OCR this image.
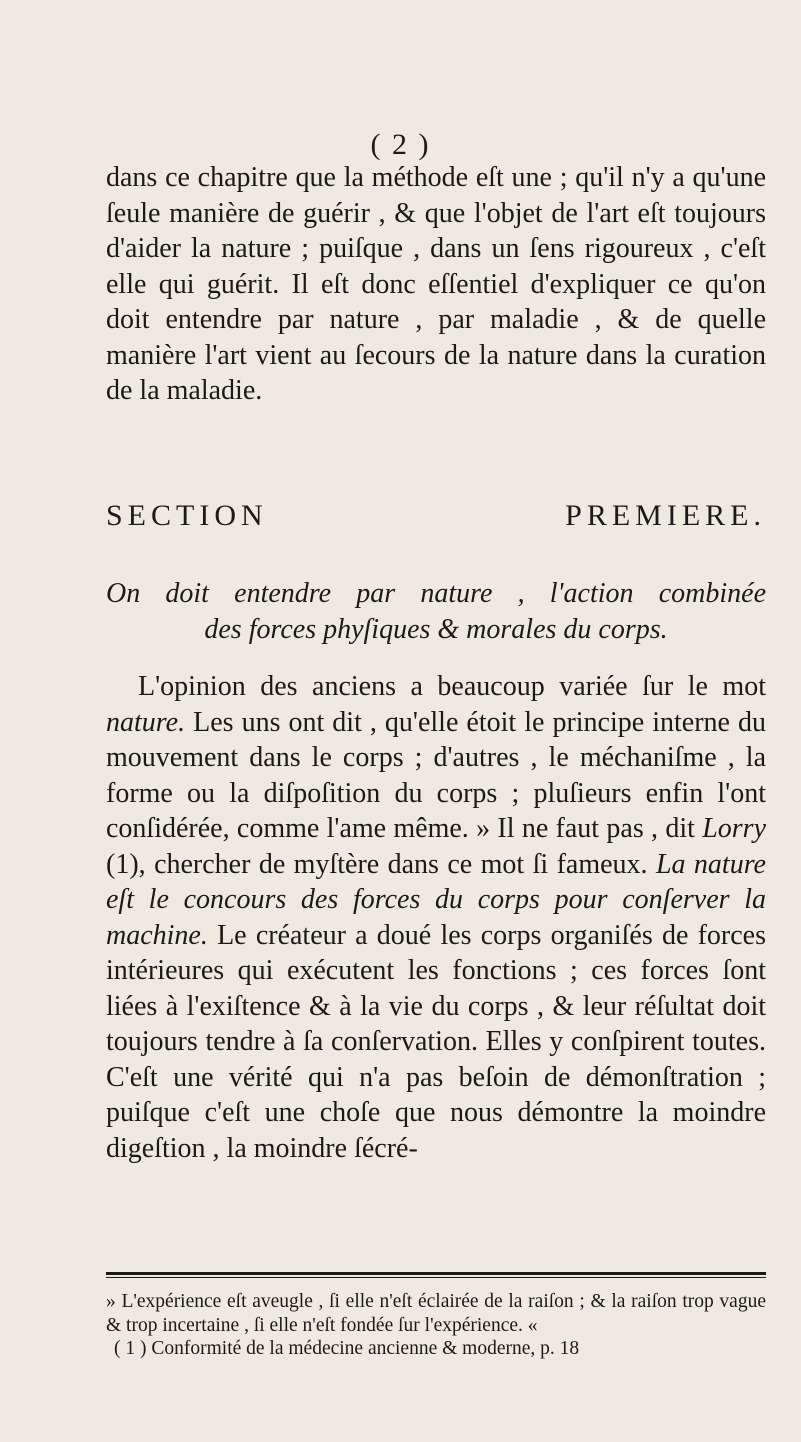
( 2 )

dans ce chapitre que la méthode eſt une ; qu'il n'y a qu'une ſeule manière de guérir , & que l'objet de l'art eſt toujours d'aider la nature ; puiſque , dans un ſens rigoureux , c'eſt elle qui guérit. Il eſt donc eſſentiel d'expliquer ce qu'on doit entendre par nature , par maladie , & de quelle manière l'art vient au ſecours de la nature dans la curation de la maladie.

SECTION PREMIERE.
On doit entendre par nature , l'action combinée
des forces phyſiques & morales du corps.

L'opinion des anciens a beaucoup variée ſur le mot nature. Les uns ont dit , qu'elle étoit le principe interne du mouvement dans le corps ; d'autres , le méchaniſme , la forme ou la diſpoſition du corps ; pluſieurs enfin l'ont conſidérée, comme l'ame même. » Il ne faut pas , dit Lorry (1), chercher de myſtère dans ce mot ſi fameux. La nature eſt le concours des forces du corps pour conſerver la machine. Le créateur a doué les corps organiſés de forces intérieures qui exécutent les fonctions ; ces forces ſont liées à l'exiſtence & à la vie du corps , & leur réſultat doit toujours tendre à ſa conſervation. Elles y conſpirent toutes. C'eſt une vérité qui n'a pas beſoin de démonſtration ; puiſque c'eſt une choſe que nous démontre la moindre digeſtion , la moindre ſécré-

» L'expérience eſt aveugle , ſi elle n'eſt éclairée de la raiſon ; & la raiſon trop vague & trop incertaine , ſi elle n'eſt fondée ſur l'expérience. «

( 1 ) Conformité de la médecine ancienne & moderne, p. 18
